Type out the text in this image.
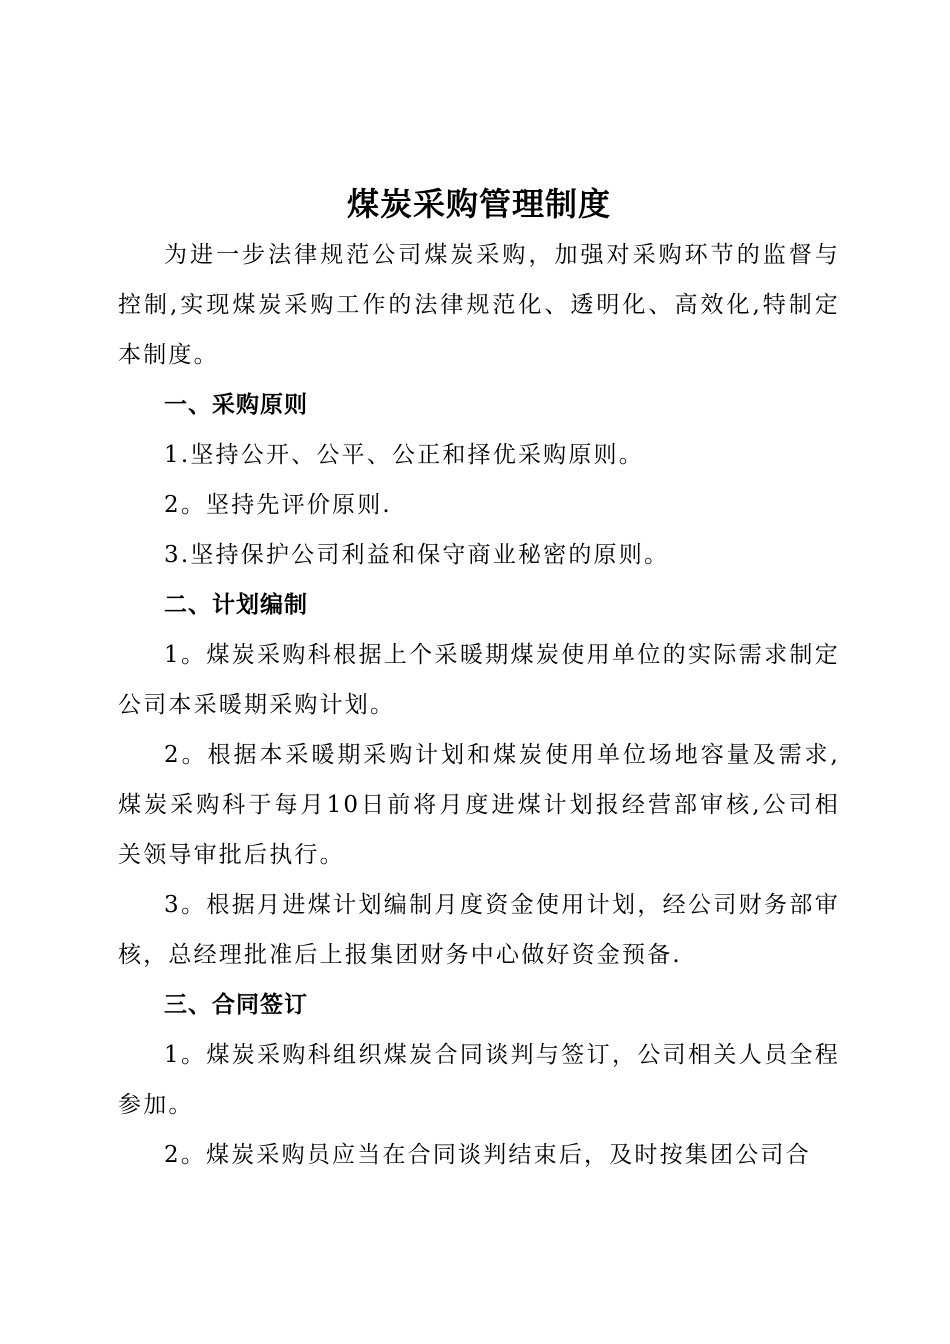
煤炭采购管理制度

为进一步法律规范公司煤炭采购，加强对采购环节的监督与控制,实现煤炭采购工作的法律规范化、透明化、高效化,特制定本制度。

一、采购原则

1.坚持公开、公平、公正和择优采购原则。

2。坚持先评价原则.

3.坚持保护公司利益和保守商业秘密的原则。

二、计划编制

1。煤炭采购科根据上个采暖期煤炭使用单位的实际需求制定公司本采暖期采购计划。

2。根据本采暖期采购计划和煤炭使用单位场地容量及需求,煤炭采购科于每月10日前将月度进煤计划报经营部审核,公司相关领导审批后执行。

3。根据月进煤计划编制月度资金使用计划，经公司财务部审核，总经理批准后上报集团财务中心做好资金预备.

三、合同签订

1。煤炭采购科组织煤炭合同谈判与签订，公司相关人员全程参加。

2。煤炭采购员应当在合同谈判结束后，及时按集团公司合
